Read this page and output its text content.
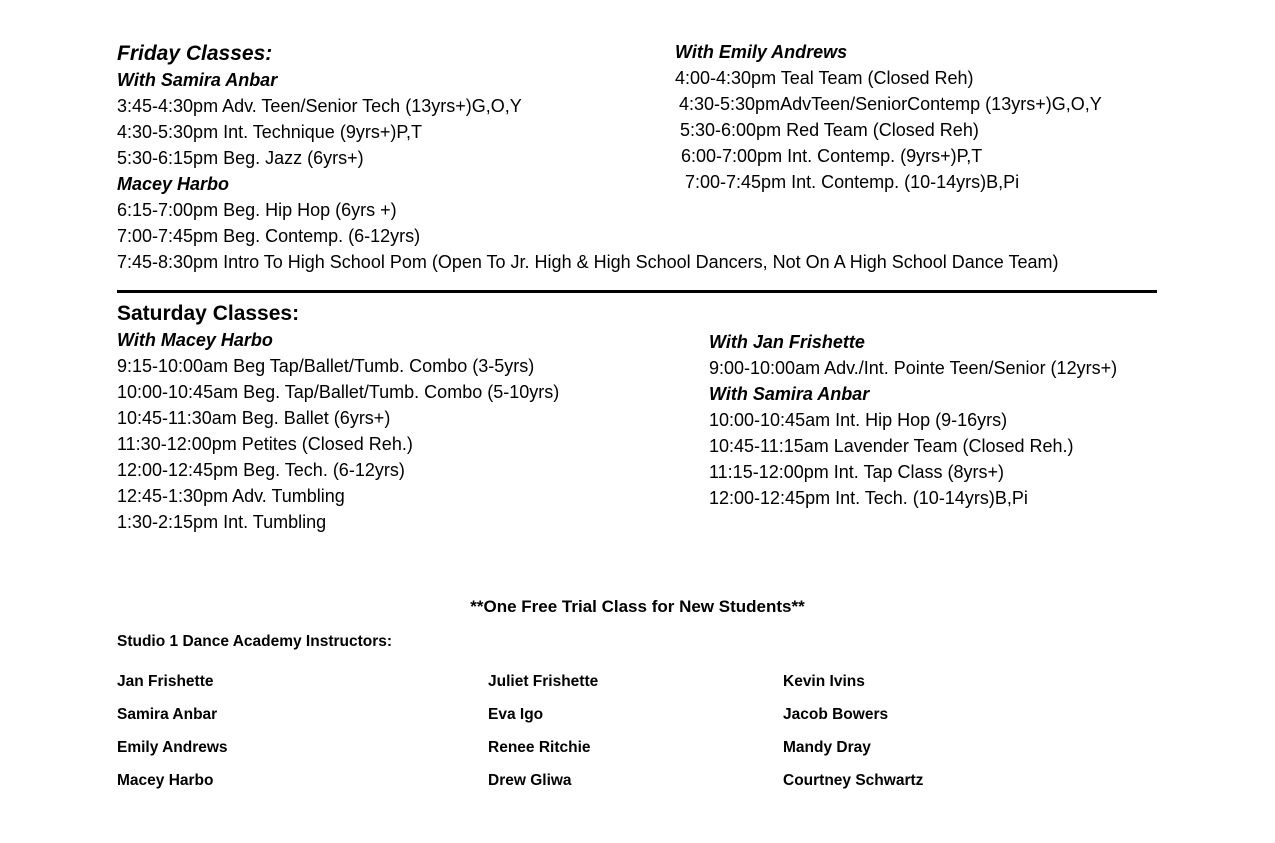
Friday Classes:
With Samira Anbar
3:45-4:30pm Adv. Teen/Senior Tech (13yrs+)G,O,Y
4:30-5:30pm Int. Technique (9yrs+)P,T
5:30-6:15pm Beg. Jazz (6yrs+)
Macey Harbo
6:15-7:00pm Beg. Hip Hop (6yrs +)
7:00-7:45pm Beg. Contemp. (6-12yrs)
7:45-8:30pm Intro To High School Pom (Open To Jr. High & High School Dancers, Not On A High School Dance Team)
With Emily Andrews
4:00-4:30pm Teal Team (Closed Reh)
4:30-5:30pmAdvTeen/SeniorContemp (13yrs+)G,O,Y
5:30-6:00pm Red Team (Closed Reh)
6:00-7:00pm Int. Contemp. (9yrs+)P,T
7:00-7:45pm Int. Contemp. (10-14yrs)B,Pi
Saturday Classes:
With Macey Harbo
9:15-10:00am Beg Tap/Ballet/Tumb. Combo (3-5yrs)
10:00-10:45am Beg. Tap/Ballet/Tumb. Combo (5-10yrs)
10:45-11:30am Beg. Ballet (6yrs+)
11:30-12:00pm Petites (Closed Reh.)
12:00-12:45pm Beg. Tech. (6-12yrs)
12:45-1:30pm Adv. Tumbling
1:30-2:15pm Int. Tumbling
With Jan Frishette
9:00-10:00am Adv./Int. Pointe Teen/Senior (12yrs+)
With Samira Anbar
10:00-10:45am Int. Hip Hop (9-16yrs)
10:45-11:15am Lavender Team (Closed Reh.)
11:15-12:00pm Int. Tap Class (8yrs+)
12:00-12:45pm Int. Tech. (10-14yrs)B,Pi
**One Free Trial Class for New Students**
Studio 1 Dance Academy Instructors:
Jan Frishette
Samira Anbar
Emily Andrews
Macey Harbo
Juliet Frishette
Eva Igo
Renee Ritchie
Drew Gliwa
Kevin Ivins
Jacob Bowers
Mandy Dray
Courtney Schwartz
